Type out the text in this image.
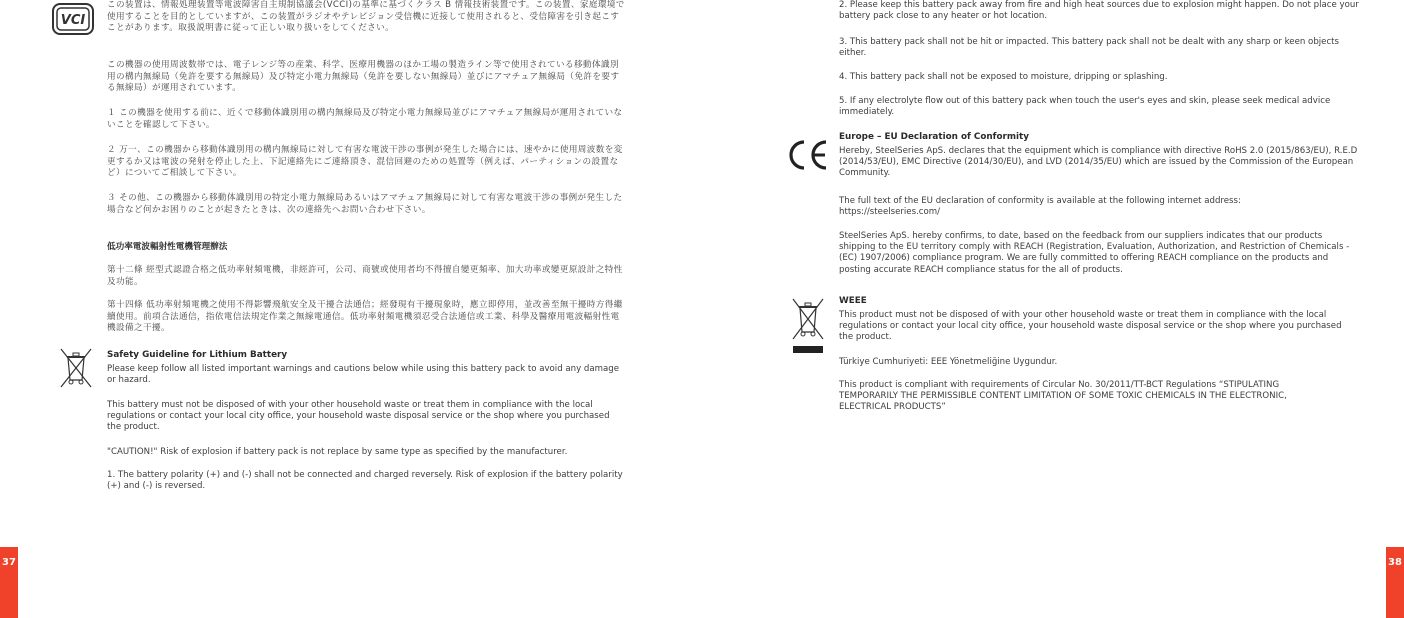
VCI

この装置は、情報処理装置等電波障害自主規制協議会(VCCI)の基準に基づくクラス B 情報技術装置です。この装置、家庭環境で使用することを目的としていますが、この装置がラジオやテレビジョン受信機に近接して使用されると、受信障害を引き起こすことがあります。取扱説明書に従って正しい取り扱いをしてください。

この機器の使用周波数帯では、電子レンジ等の産業、科学、医療用機器のほか工場の製造ライン等で使用されている移動体識別用の構内無線局（免許を要する無線局）及び特定小電力無線局（免許を要しない無線局）並びにアマチュア無線局（免許を要する無線局）が運用されています。

１ この機器を使用する前に、近くで移動体識別用の構内無線局及び特定小電力無線局並びにアマチュア無線局が運用されていないことを確認して下さい。

２ 万一、この機器から移動体識別用の構内無線局に対して有害な電波干渉の事例が発生した場合には、速やかに使用周波数を変更するか又は電波の発射を停止した上、下記連絡先にご連絡頂き、混信回避のための処置等（例えば、パーティションの設置など）についてご相談して下さい。

３ その他、この機器から移動体識別用の特定小電力無線局あるいはアマチュア無線局に対して有害な電波干渉の事例が発生した場合など何かお困りのことが起きたときは、次の連絡先へお問い合わせ下さい。

低功率電波輻射性電機管理辦法

第十二條 經型式認證合格之低功率射頻電機，非經許可，公司、商號或使用者均不得擅自變更頻率、加大功率或變更原設計之特性及功能。

第十四條 低功率射頻電機之使用不得影響飛航安全及干擾合法通信；經發現有干擾現象時，應立即停用，並改善至無干擾時方得繼續使用。前項合法通信，指依電信法規定作業之無線電通信。低功率射頻電機須忍受合法通信或工業、科學及醫療用電波輻射性電機設備之干擾。

Safety Guideline for Lithium Battery

Please keep follow all listed important warnings and cautions below while using this battery pack to avoid any damage or hazard.

This battery must not be disposed of with your other household waste or treat them in compliance with the local regulations or contact your local city office, your household waste disposal service or the shop where you purchased the product.

"CAUTION!" Risk of explosion if battery pack is not replace by same type as specified by the manufacturer.

1. The battery polarity (+) and (-) shall not be connected and charged reversely. Risk of explosion if the battery polarity (+) and (-) is reversed.

37

2. Please keep this battery pack away from fire and high heat sources due to explosion might happen. Do not place your battery pack close to any heater or hot location.

3. This battery pack shall not be hit or impacted. This battery pack shall not be dealt with any sharp or keen objects either.

4. This battery pack shall not be exposed to moisture, dripping or splashing.

5. If any electrolyte flow out of this battery pack when touch the user's eyes and skin, please seek medical advice immediately.

Europe – EU Declaration of Conformity

Hereby, SteelSeries ApS. declares that the equipment which is compliance with directive RoHS 2.0 (2015/863/EU), R.E.D (2014/53/EU), EMC Directive (2014/30/EU), and LVD (2014/35/EU) which are issued by the Commission of the European Community.

The full text of the EU declaration of conformity is available at the following internet address: https://steelseries.com/

SteelSeries ApS. hereby confirms, to date, based on the feedback from our suppliers indicates that our products shipping to the EU territory comply with REACH (Registration, Evaluation, Authorization, and Restriction of Chemicals - (EC) 1907/2006) compliance program. We are fully committed to offering REACH compliance on the products and posting accurate REACH compliance status for the all of products.

WEEE

This product must not be disposed of with your other household waste or treat them in compliance with the local regulations or contact your local city office, your household waste disposal service or the shop where you purchased the product.

Türkiye Cumhuriyeti: EEE Yönetmeliğine Uygundur.

This product is compliant with requirements of Circular No. 30/2011/TT-BCT Regulations “STIPULATING TEMPORARILY THE PERMISSIBLE CONTENT LIMITATION OF SOME TOXIC CHEMICALS IN THE ELECTRONIC, ELECTRICAL PRODUCTS”

38
